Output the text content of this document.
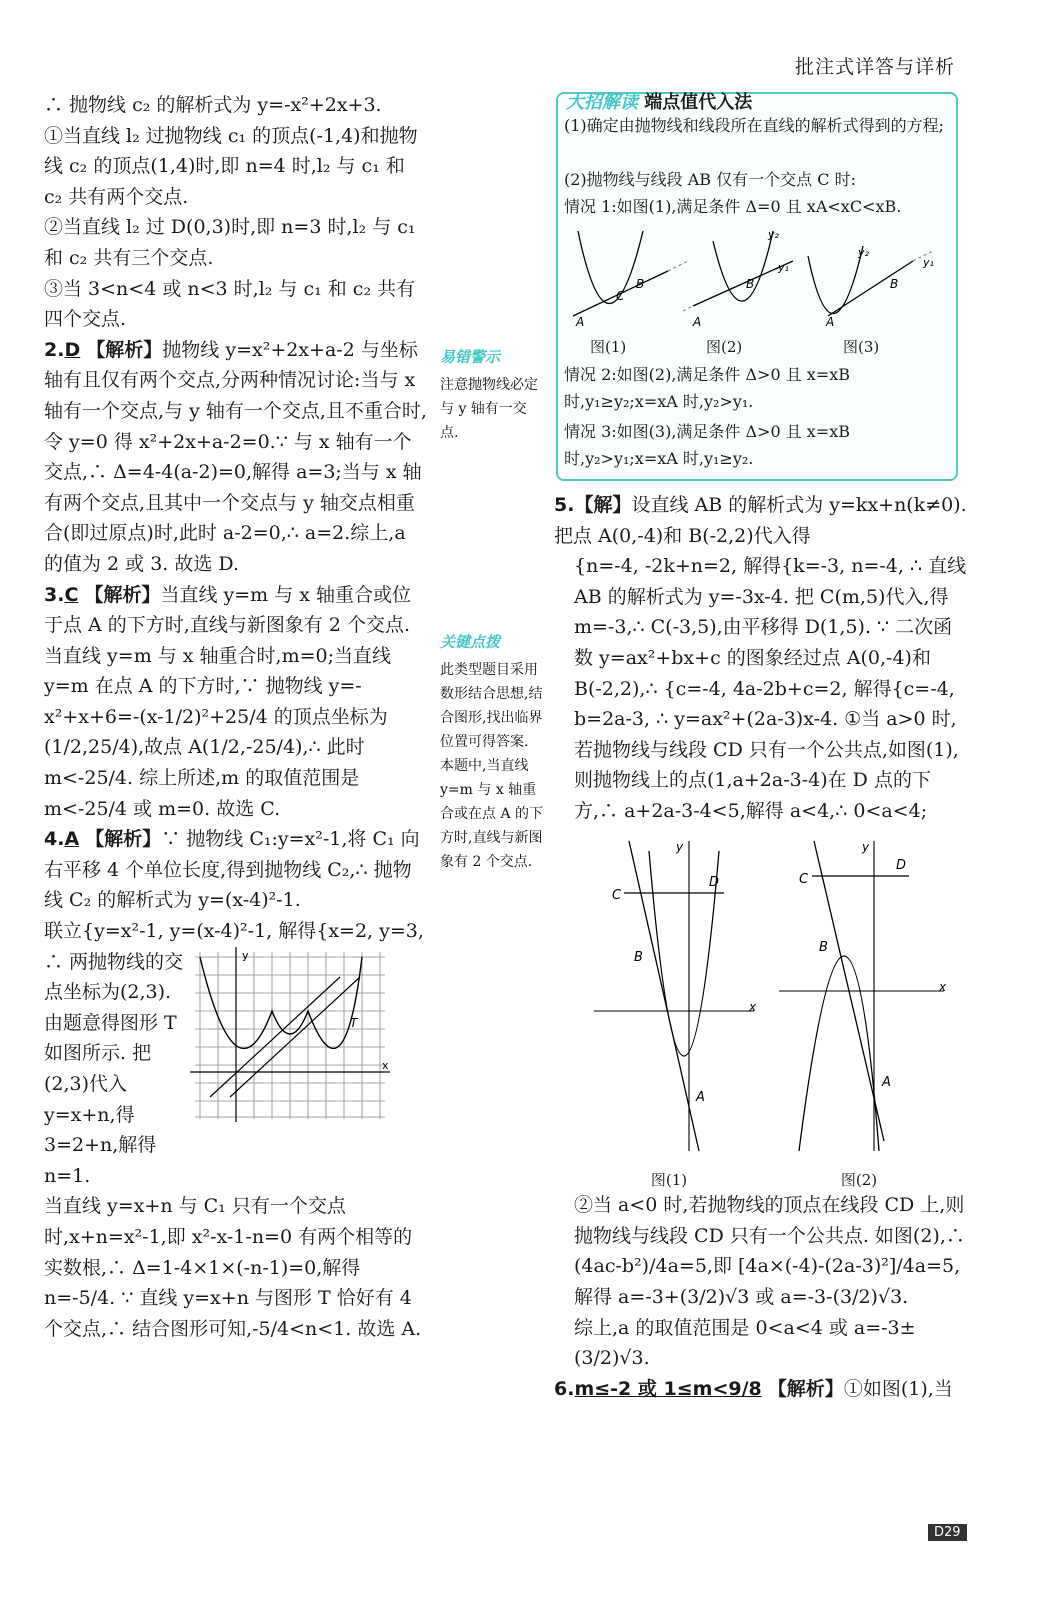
批注式详答与详析

∴ 抛物线 c₂ 的解析式为 y=-x²+2x+3.

①当直线 l₂ 过抛物线 c₁ 的顶点(-1,4)和抛物线 c₂ 的顶点(1,4)时,即 n=4 时,l₂ 与 c₁ 和 c₂ 共有两个交点.

②当直线 l₂ 过 D(0,3)时,即 n=3 时,l₂ 与 c₁ 和 c₂ 共有三个交点.

③当 3<n<4 或 n<3 时,l₂ 与 c₁ 和 c₂ 共有四个交点.

2.D 【解析】抛物线 y=x²+2x+a-2 与坐标轴有且仅有两个交点,分两种情况讨论:当与 x 轴有一个交点,与 y 轴有一个交点,且不重合时,令 y=0 得 x²+2x+a-2=0.∵ 与 x 轴有一个交点,∴ Δ=4-4(a-2)=0,解得 a=3;当与 x 轴有两个交点,且其中一个交点与 y 轴交点相重合(即过原点)时,此时 a-2=0,∴ a=2.综上,a 的值为 2 或 3. 故选 D.

3.C 【解析】当直线 y=m 与 x 轴重合或位于点 A 的下方时,直线与新图象有 2 个交点. 当直线 y=m 与 x 轴重合时,m=0;当直线 y=m 在点 A 的下方时,∵ 抛物线 y=-x²+x+6=-(x-1/2)²+25/4 的顶点坐标为(1/2,25/4),故点 A(1/2,-25/4),∴ 此时 m<-25/4. 综上所述,m 的取值范围是 m<-25/4 或 m=0. 故选 C.

4.A 【解析】∵ 抛物线 C₁:y=x²-1,将 C₁ 向右平移 4 个单位长度,得到抛物线 C₂,∴ 抛物线 C₂ 的解析式为 y=(x-4)²-1.

联立{y=x²-1, y=(x-4)²-1, 解得{x=2, y=3,

∴ 两抛物线的交点坐标为(2,3). 由题意得图形 T 如图所示. 把(2,3)代入 y=x+n,得 3=2+n,解得 n=1.

y
x
T

当直线 y=x+n 与 C₁ 只有一个交点时,x+n=x²-1,即 x²-x-1-n=0 有两个相等的实数根,∴ Δ=1-4×1×(-n-1)=0,解得 n=-5/4. ∵ 直线 y=x+n 与图形 T 恰好有 4 个交点,∴ 结合图形可知,-5/4<n<1. 故选 A.

易错警示
注意抛物线必定与 y 轴有一交点.
关键点拨
此类型题目采用数形结合思想,结合图形,找出临界位置可得答案. 本题中,当直线 y=m 与 x 轴重合或在点 A 的下方时,直线与新图象有 2 个交点.
大招解读 端点值代入法
(1)确定由抛物线和线段所在直线的解析式得到的方程;
(2)抛物线与线段 AB 仅有一个交点 C 时:
情况 1:如图(1),满足条件 Δ=0 且 xA<xC<xB.
A
C
B
A
B
y₂
y₁
A
B
y₂
y₁
图(1)	图(2)	图(3)
情况 2:如图(2),满足条件 Δ>0 且 x=xB 时,y₁≥y₂;x=xA 时,y₂>y₁.
情况 3:如图(3),满足条件 Δ>0 且 x=xB 时,y₂>y₁;x=xA 时,y₁≥y₂.

5.【解】设直线 AB 的解析式为 y=kx+n(k≠0). 把点 A(0,-4)和 B(-2,2)代入得

{n=-4, -2k+n=2, 解得{k=-3, n=-4, ∴ 直线 AB 的解析式为 y=-3x-4. 把 C(m,5)代入,得 m=-3,∴ C(-3,5),由平移得 D(1,5). ∵ 二次函数 y=ax²+bx+c 的图象经过点 A(0,-4)和 B(-2,2),∴ {c=-4, 4a-2b+c=2, 解得{c=-4, b=2a-3, ∴ y=ax²+(2a-3)x-4. ①当 a>0 时,若抛物线与线段 CD 只有一个公共点,如图(1),则抛物线上的点(1,a+2a-3-4)在 D 点的下方,∴ a+2a-3-4<5,解得 a<4,∴ 0<a<4;

y
x
C
D
B
A
y
x
C
D
B
A
图(1)	图(2)

②当 a<0 时,若抛物线的顶点在线段 CD 上,则抛物线与线段 CD 只有一个公共点. 如图(2),∴ (4ac-b²)/4a=5,即 [4a×(-4)-(2a-3)²]/4a=5,

解得 a=-3+(3/2)√3 或 a=-3-(3/2)√3.

综上,a 的取值范围是 0<a<4 或 a=-3±(3/2)√3.

6.m≤-2 或 1≤m<9/8 【解析】①如图(1),当

D29
